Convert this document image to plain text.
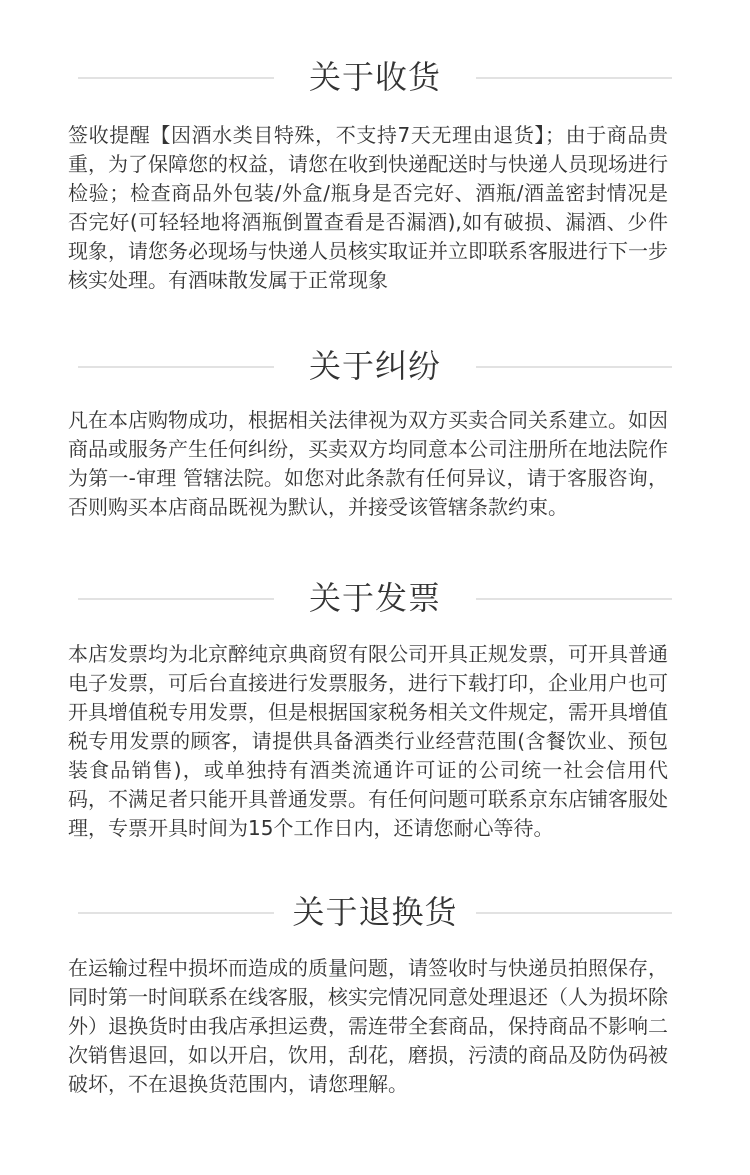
关于收货

签收提醒【因酒水类目特殊，不支持7天无理由退货】；由于商品贵重，为了保障您的权益，请您在收到快递配送时与快递人员现场进行检验；检查商品外包装/外盒/瓶身是否完好、酒瓶/酒盖密封情况是否完好(可轻轻地将酒瓶倒置查看是否漏酒),如有破损、漏酒、少件现象，请您务必现场与快递人员核实取证并立即联系客服进行下一步核实处理。有酒味散发属于正常现象

关于纠纷

凡在本店购物成功，根据相关法律视为双方买卖合同关系建立。如因商品或服务产生任何纠纷，买卖双方均同意本公司注册所在地法院作为第一-审理 管辖法院。如您对此条款有任何异议，请于客服咨询，否则购买本店商品既视为默认，并接受该管辖条款约束。

关于发票

本店发票均为北京醉纯京典商贸有限公司开具正规发票，可开具普通电子发票，可后台直接进行发票服务，进行下载打印，企业用户也可开具增值税专用发票，但是根据国家税务相关文件规定，需开具增值税专用发票的顾客，请提供具备酒类行业经营范围(含餐饮业、预包装食品销售)，或单独持有酒类流通许可证的公司统一社会信用代码，不满足者只能开具普通发票。有任何问题可联系京东店铺客服处理，专票开具时间为15个工作日内，还请您耐心等待。

关于退换货

在运输过程中损坏而造成的质量问题，请签收时与快递员拍照保存，同时第一时间联系在线客服，核实完情况同意处理退还（人为损坏除外）退换货时由我店承担运费，需连带全套商品，保持商品不影响二次销售退回，如以开启，饮用，刮花，磨损，污渍的商品及防伪码被破坏，不在退换货范围内，请您理解。
